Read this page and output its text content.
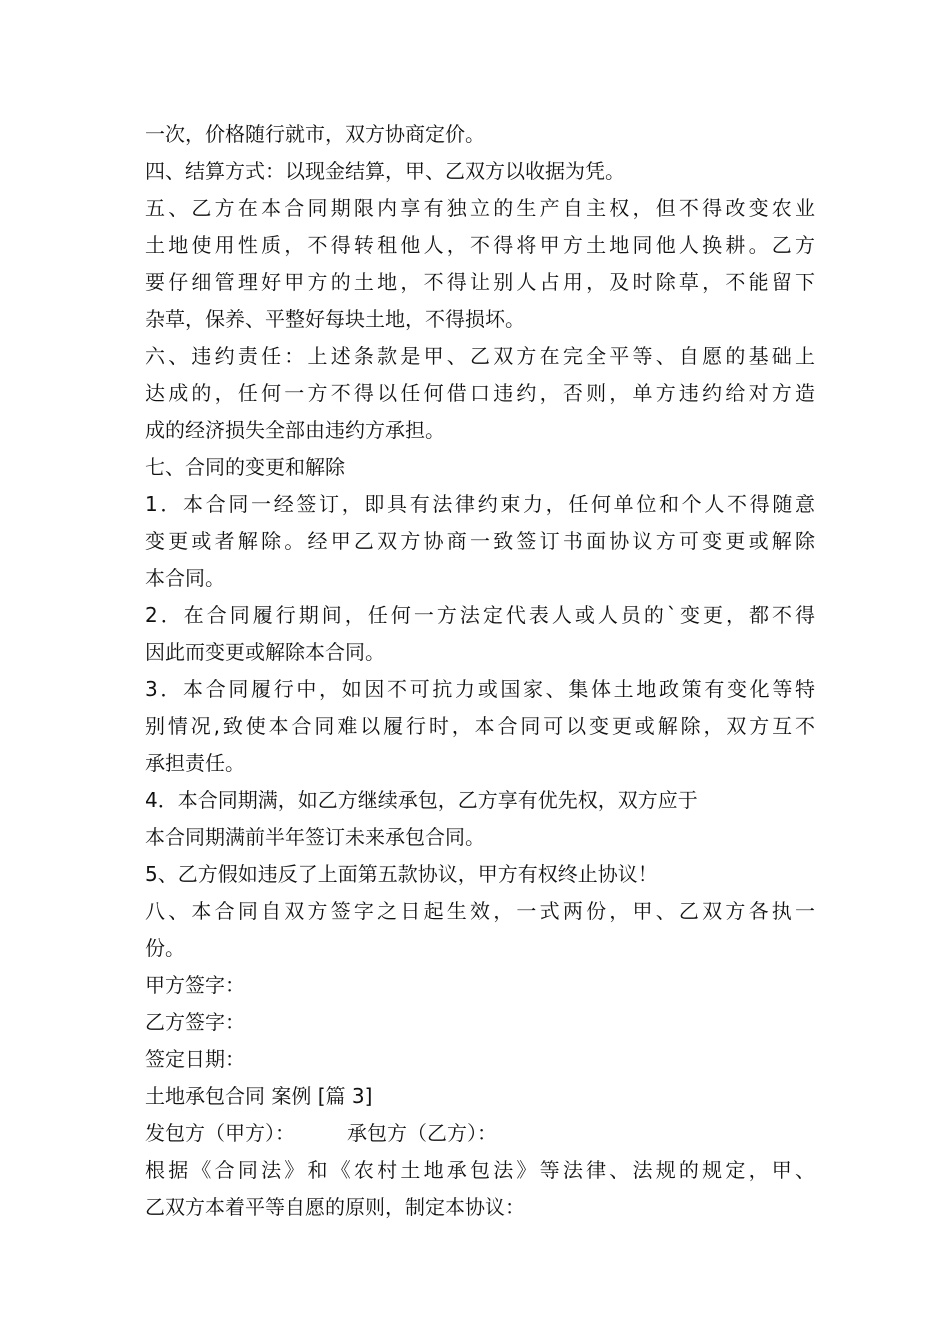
一次，价格随行就市，双方协商定价。
四、结算方式：以现金结算，甲、乙双方以收据为凭。
五、乙方在本合同期限内享有独立的生产自主权，但不得改变农业
土地使用性质，不得转租他人，不得将甲方土地同他人换耕。乙方
要仔细管理好甲方的土地，不得让别人占用，及时除草，不能留下
杂草，保养、平整好每块土地，不得损坏。
六、违约责任：上述条款是甲、乙双方在完全平等、自愿的基础上
达成的，任何一方不得以任何借口违约，否则，单方违约给对方造
成的经济损失全部由违约方承担。
七、合同的变更和解除
1．本合同一经签订，即具有法律约束力，任何单位和个人不得随意
变更或者解除。经甲乙双方协商一致签订书面协议方可变更或解除
本合同。
2．在合同履行期间，任何一方法定代表人或人员的`变更，都不得
因此而变更或解除本合同。
3．本合同履行中，如因不可抗力或国家、集体土地政策有变化等特
别情况,致使本合同难以履行时，本合同可以变更或解除，双方互不
承担责任。
4．本合同期满，如乙方继续承包，乙方享有优先权，双方应于
本合同期满前半年签订未来承包合同。
5、乙方假如违反了上面第五款协议，甲方有权终止协议！
八、本合同自双方签字之日起生效，一式两份，甲、乙双方各执一
份。
甲方签字：
乙方签字：
签定日期：
土地承包合同 案例 [篇 3]
发包方（甲方）：	承包方（乙方）：
根据《合同法》和《农村土地承包法》等法律、法规的规定，甲、
乙双方本着平等自愿的原则，制定本协议：
